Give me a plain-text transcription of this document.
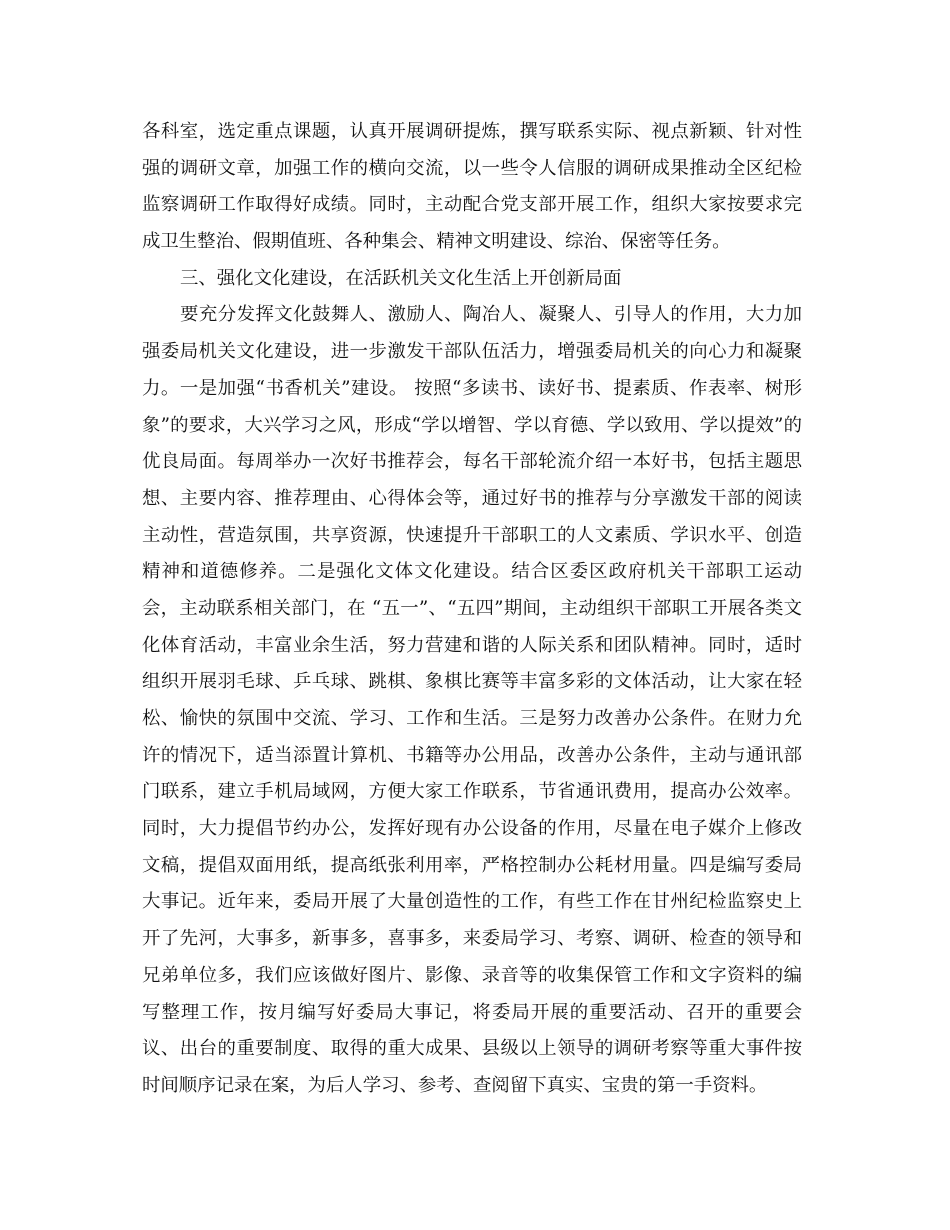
各科室，选定重点课题，认真开展调研提炼，撰写联系实际、视点新颖、针对性
强的调研文章，加强工作的横向交流，以一些令人信服的调研成果推动全区纪检
监察调研工作取得好成绩。同时，主动配合党支部开展工作，组织大家按要求完
成卫生整治、假期值班、各种集会、精神文明建设、综治、保密等任务。
三、强化文化建设，在活跃机关文化生活上开创新局面
要充分发挥文化鼓舞人、激励人、陶冶人、凝聚人、引导人的作用，大力加
强委局机关文化建设，进一步激发干部队伍活力，增强委局机关的向心力和凝聚
力。一是加强“书香机关”建设。 按照“多读书、读好书、提素质、作表率、树形
象”的要求，大兴学习之风，形成“学以增智、学以育德、学以致用、学以提效”的
优良局面。每周举办一次好书推荐会，每名干部轮流介绍一本好书，包括主题思
想、主要内容、推荐理由、心得体会等，通过好书的推荐与分享激发干部的阅读
主动性，营造氛围，共享资源，快速提升干部职工的人文素质、学识水平、创造
精神和道德修养。二是强化文体文化建设。结合区委区政府机关干部职工运动
会，主动联系相关部门，在 “五一”、“五四”期间，主动组织干部职工开展各类文
化体育活动，丰富业余生活，努力营建和谐的人际关系和团队精神。同时，适时
组织开展羽毛球、乒乓球、跳棋、象棋比赛等丰富多彩的文体活动，让大家在轻
松、愉快的氛围中交流、学习、工作和生活。三是努力改善办公条件。在财力允
许的情况下，适当添置计算机、书籍等办公用品，改善办公条件，主动与通讯部
门联系，建立手机局域网，方便大家工作联系，节省通讯费用，提高办公效率。
同时，大力提倡节约办公，发挥好现有办公设备的作用，尽量在电子媒介上修改
文稿，提倡双面用纸，提高纸张利用率，严格控制办公耗材用量。四是编写委局
大事记。近年来，委局开展了大量创造性的工作，有些工作在甘州纪检监察史上
开了先河，大事多，新事多，喜事多，来委局学习、考察、调研、检查的领导和
兄弟单位多，我们应该做好图片、影像、录音等的收集保管工作和文字资料的编
写整理工作，按月编写好委局大事记，将委局开展的重要活动、召开的重要会
议、出台的重要制度、取得的重大成果、县级以上领导的调研考察等重大事件按
时间顺序记录在案，为后人学习、参考、查阅留下真实、宝贵的第一手资料。
